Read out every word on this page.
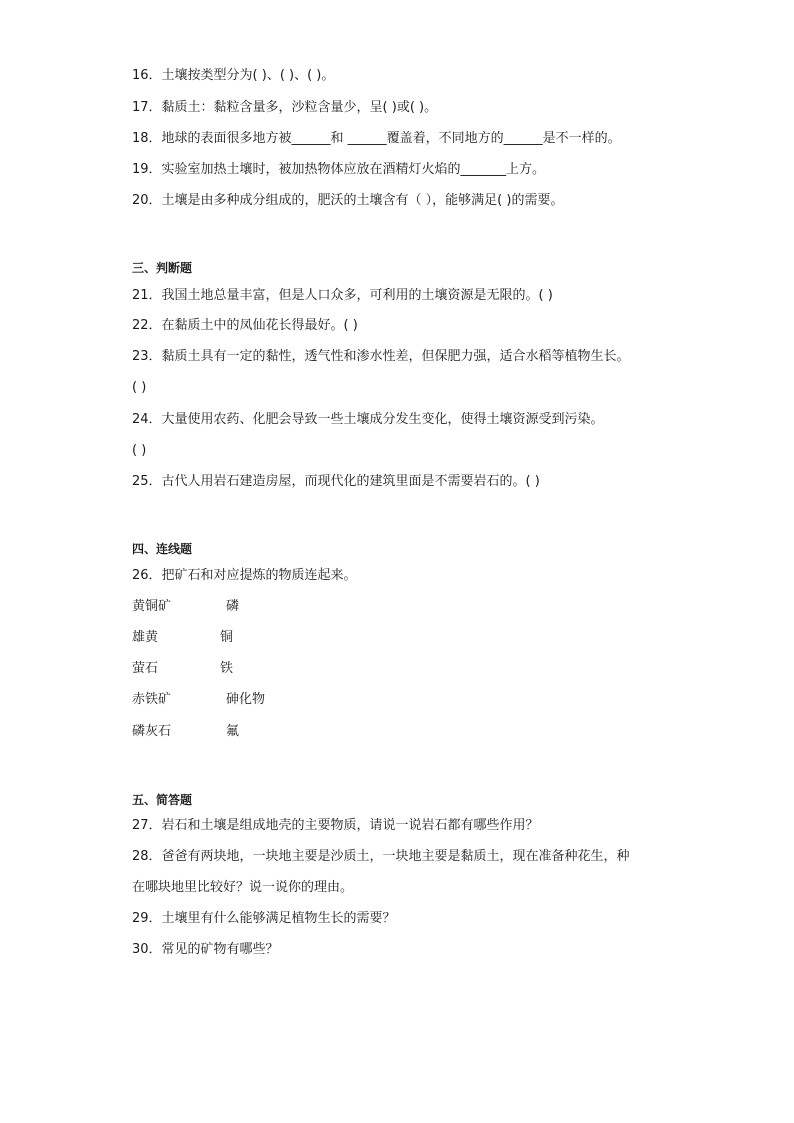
16．土壤按类型分为( )、( )、( )。
17．黏质土：黏粒含量多，沙粒含量少，呈( )或( )。
18．地球的表面很多地方被______和 ______覆盖着，不同地方的______是不一样的。
19．实验室加热土壤时，被加热物体应放在酒精灯火焰的_______上方。
20．土壤是由多种成分组成的，肥沃的土壤含有（ ），能够满足( )的需要。
三、判断题
21．我国土地总量丰富，但是人口众多，可利用的土壤资源是无限的。( )
22．在黏质土中的凤仙花长得最好。( )
23．黏质土具有一定的黏性，透气性和渗水性差，但保肥力强，适合水稻等植物生长。
( )
24．大量使用农药、化肥会导致一些土壤成分发生变化，使得土壤资源受到污染。
( )
25．古代人用岩石建造房屋，而现代化的建筑里面是不需要岩石的。( )
四、连线题
26．把矿石和对应提炼的物质连起来。
黄铜矿	磷
雄黄	铜
萤石	铁
赤铁矿	砷化物
磷灰石	氟
五、简答题
27．岩石和土壤是组成地壳的主要物质，请说一说岩石都有哪些作用？
28．爸爸有两块地，一块地主要是沙质土，一块地主要是黏质土，现在准备种花生，种
在哪块地里比较好？说一说你的理由。
29．土壤里有什么能够满足植物生长的需要？
30．常见的矿物有哪些？
